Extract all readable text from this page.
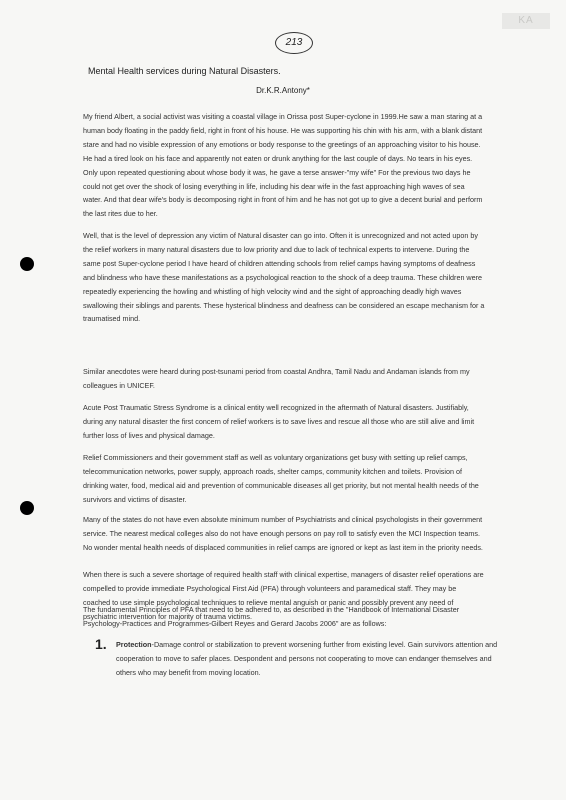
KA
213
Mental Health services during Natural Disasters.
Dr.K.R.Antony*

My friend Albert, a social activist was visiting a coastal village in Orissa post Super-cyclone in 1999.He saw a man staring at a human body floating in the paddy field, right in front of his house. He was supporting his chin with his arm, with a blank distant stare and had no visible expression of any emotions or body response to the greetings of an approaching visitor to his house. He had a tired look on his face and apparently not eaten or drunk anything for the last couple of days. No tears in his eyes. Only upon repeated questioning about whose body it was, he gave a terse answer-"my wife" For the previous two days he could not get over the shock of losing everything in life, including his dear wife in the fast approaching high waves of sea water. And that dear wife's body is decomposing right in front of him and he has not got up to give a decent burial and perform the last rites due to her.

Well, that is the level of depression any victim of Natural disaster can go into. Often it is unrecognized and not acted upon by the relief workers in many natural disasters due to low priority and due to lack of technical experts to intervene. During the same post Super-cyclone period I have heard of children attending schools from relief camps having symptoms of deafness and blindness who have these manifestations as a psychological reaction to the shock of a deep trauma. These children were repeatedly experiencing the howling and whistling of high velocity wind and the sight of approaching deadly high waves swallowing their siblings and parents. These hysterical blindness and deafness can be considered an escape mechanism for a traumatised mind.

Similar anecdotes were heard during post-tsunami period from coastal Andhra, Tamil Nadu and Andaman islands from my colleagues in UNICEF.

Acute Post Traumatic Stress Syndrome is a clinical entity well recognized in the aftermath of Natural disasters. Justifiably, during any natural disaster the first concern of relief workers is to save lives and rescue all those who are still alive and limit further loss of lives and physical damage.

Relief Commissioners and their government staff as well as voluntary organizations get busy with setting up relief camps, telecommunication networks, power supply, approach roads, shelter camps, community kitchen and toilets. Provision of drinking water, food, medical aid and prevention of communicable diseases all get priority, but not mental health needs of the survivors and victims of disaster.

Many of the states do not have even absolute minimum number of Psychiatrists and clinical psychologists in their government service. The nearest medical colleges also do not have enough persons on pay roll to satisfy even the MCI Inspection teams. No wonder mental health needs of displaced communities in relief camps are ignored or kept as last item in the priority needs.

When there is such a severe shortage of required health staff with clinical expertise, managers of disaster relief operations are compelled to provide immediate Psychological First Aid (PFA) through volunteers and paramedical staff. They may be coached to use simple psychological techniques to relieve mental anguish or panic and possibly prevent any need of psychiatric intervention for majority of trauma victims.

The fundamental Principles of PFA that need to be adhered to, as described in the "Handbook of International Disaster Psychology-Practices and Programmes-Gilbert Reyes and Gerard Jacobs 2006" are as follows:

1. Protection-Damage control or stabilization to prevent worsening further from existing level. Gain survivors attention and cooperation to move to safer places. Despondent and persons not cooperating to move can endanger themselves and others who may benefit from moving location.
